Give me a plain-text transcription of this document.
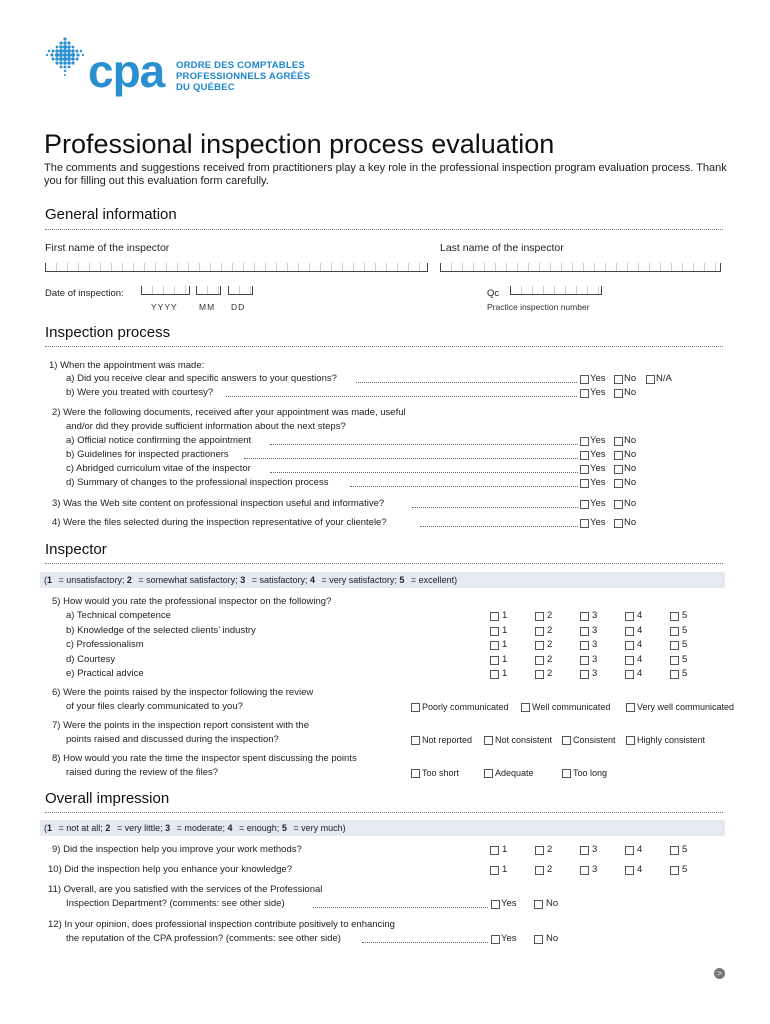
cpa ORDRE DES COMPTABLES
PROFESSIONNELS AGRÉÉS
DU QUÉBEC
Professional inspection process evaluation
The comments and suggestions received from practitioners play a key role in the professional inspection program evaluation process. Thank you for filling out this evaluation form carefully.
General information
First name of the inspector	Last name of the inspector
Date of inspection:
YYYY	MM DD
Qc
Practice inspection number
Inspection process
1) When the appointment was made:
a) Did you receive clear and specific answers to your questions?	Yes No N/A
b) Were you treated with courtesy?	Yes No
2) Were the following documents, received after your appointment was made, useful
and/or did they provide sufficient information about the next steps?
a) Official notice confirming the appointment	Yes No
b) Guidelines for inspected practioners	Yes No
c) Abridged curriculum vitae of the inspector	Yes No
d) Summary of changes to the professional inspection process	Yes No
3) Was the Web site content on professional inspection useful and informative?	Yes No
4) Were the files selected during the inspection representative of your clientele?	Yes No
Inspector
(1 = unsatisfactory; 2 = somewhat satisfactory; 3 = satisfactory; 4 = very satisfactory; 5 = excellent)
5) How would you rate the professional inspector on the following?
a) Technical competence	1	2	3	4	5
b) Knowledge of the selected clients’ industry	1	2	3	4	5
c) Professionalism	1	2	3	4	5
d) Courtesy	1	2	3	4	5
e) Practical advice	1	2	3	4	5
6) Were the points raised by the inspector following the review
of your files clearly communicated to you?	Poorly communicated	Well communicated	Very well communicated
7) Were the points in the inspection report consistent with the
points raised and discussed during the inspection?	Not reported	Not consistent Consistent Highly consistent
8) How would you rate the time the inspector spent discussing the points
raised during the review of the files?	Too short	Adequate	Too long
Overall impression
(1 = not at all; 2 = very little; 3 = moderate; 4 = enough; 5 = very much)
9) Did the inspection help you improve your work methods?	1	2	3	4	5
10) Did the inspection help you enhance your knowledge?	1	2	3	4	5
11) Overall, are you satisfied with the services of the Professional
Inspection Department? (comments: see other side)	Yes	No
12) In your opinion, does professional inspection contribute positively to enhancing
the reputation of the CPA profession? (comments: see other side)	Yes	No
>
